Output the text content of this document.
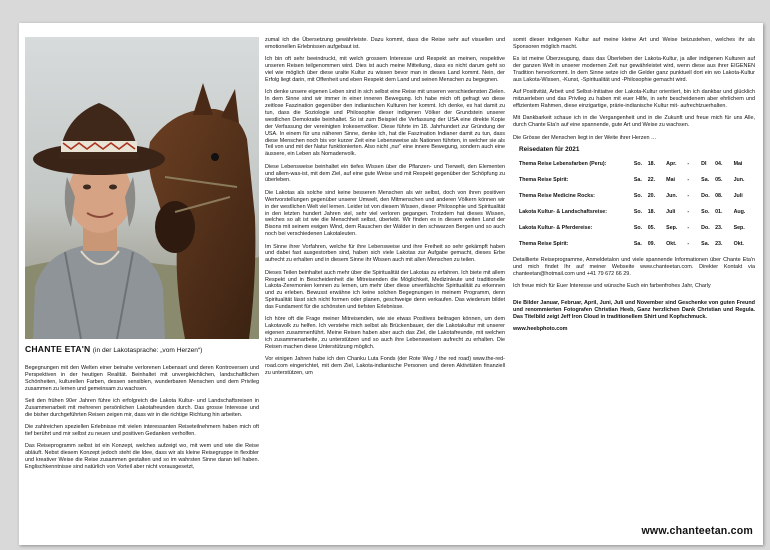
CHANTE ETA'N (in der Lakotasprache: „vom Herzen“)

Begegnungen mit den Welten einer beinahe verlorenen Lebensart und deren Kontroversen und Perspektiven in der heutigen Realität. Beinhaltet mit unvergleichlichen, landschaftlichen Schönheiten, kulturellen Farben, dessen sensiblen, wunderbaren Menschen und dem Privileg zusammen zu lernen und gemeinsam zu wachsen.

Seit den frühen 90er Jahren führe ich erfolgreich die Lakota Kultur- und Landschaftsreisen in Zusammenarbeit mit mehreren persönlichen Lakotafreunden durch. Das grosse Interesse und die bisher durchgeführten Reisen zeigen mir, dass wir in die richtige Richtung hin arbeiten.

Die zahlreichen speziellen Erlebnisse mit vielen interessanten Reiseteilnehmern haben mich oft tief berührt und mir selbst zu neuen und positiven Gedanken verholfen.

Das Reiseprogramm selbst ist ein Konzept, welches aufzeigt wo, mit wem und wie die Reise abläuft. Nebst diesem Konzept jedoch steht die Idee, dass wir als kleine Reisegruppe in flexibler und kreativer Weise die Reise zusammen gestalten und so im wahrsten Sinne daran teil haben. Englischkenntnisse sind natürlich von Vorteil aber nicht vorausgesetzt,

zumal ich die Übersetzung gewährleiste. Dazu kommt, dass die Reise sehr auf visuellen und emotionellen Erlebnissen aufgebaut ist.

Ich bin oft sehr beeindruckt, mit welch grossem Interesse und Respekt an meinen, respektive unseren Reisen teilgenommen wird. Dies ist auch meine Mitteilung, dass es nicht darum geht so viel wie möglich über diese uralte Kultur zu wissen bevor man in dieses Land kommt. Nein, der Erfolg liegt darin, mit Offenheit und eben Respekt dem Land und seinen Menschen zu begegnen.

Ich denke unsere eigenen Leben sind in sich selbst eine Reise mit unseren verschiedensten Zielen. In dem Sinne sind wir immer in einer inneren Bewegung. Ich habe mich oft gefragt wo diese zeitlose Faszination gegenüber den indianischen Kulturen her kommt. Ich denke, es hat damit zu tun, dass die Soziologie und Philosophie dieser indigenen Völker der Grundstein unserer westlichen Demokratie beinhaltet. So ist zum Beispiel die Verfassung der USA eine direkte Kopie der Verfassung der vereinigten Irokesenvölker. Diese führte im 18. Jahrhundert zur Gründung der USA. In einem für uns näheren Sinne, denke ich, hat die Faszination Indianer damit zu tun, dass diese Menschen noch bis vor kurzer Zeit eine Lebensweise als Nationen führten, in welcher sie als Teil von und mit der Natur funktionierten. Also nicht „nur“ eine innere Bewegung, sondern auch eine äussere, ein Leben als Nomadenvolk.

Diese Lebensweise beinhaltet ein tiefes Wissen über die Pflanzen- und Tierwelt, den Elementen und allem-was-ist, mit dem Ziel, auf eine gute Weise und mit Respekt gegenüber der Schöpfung zu überleben.

Die Lakotas als solche sind keine besseren Menschen als wir selbst, doch von ihren positiven Wertvorstellungen gegenüber unserer Umwelt, den Mitmenschen und anderen Völkern können wir in der westlichen Welt viel lernen. Leider ist von diesem Wissen, dieser Philosophie und Spiritualität in den letzten hundert Jahren viel, sehr viel verloren gegangen. Trotzdem hat dieses Wissen, welches so alt ist wie die Menschheit selbst, überlebt. Wir finden es in diesem weiten Land der Bisons mit seinem ewigen Wind, dem Rauschen der Wälder in den schwarzen Bergen und so auch noch bei verschiedenen Lakotaleuten.

Im Sinne ihrer Vorfahren, welche für ihre Lebensweise und ihre Freiheit so sehr gekämpft haben und dabei fast ausgestorben sind, haben sich viele Lakotas zur Aufgabe gemacht, dieses Erbe aufrecht zu erhalten und in diesem Sinne ihr Wissen auch mit allen Menschen zu teilen.

Dieses Teilen beinhaltet auch mehr über die Spiritualität der Lakotas zu erfahren. Ich biete mit allem Respekt und in Bescheidenheit die Mitreisenden die Möglichkeit, Medizinleute und traditionelle Lakota-Zeremonien kennen zu lernen, um mehr über diese unverfälschte Spiritualität zu erkennen und zu erleben. Bewusst erwähne ich keine solchen Begegnungen in meinem Programm, denn Spiritualität lässt sich nicht formen oder planen, geschweige denn verkaufen. Das wiederum bildet das Fundament für die schönsten und tiefsten Erlebnisse.

Ich höre oft die Frage meiner Mitreisenden, wie sie etwas Positives beitragen können, um dem Lakotavolk zu helfen. Ich verstehe mich selbst als Brückenbauer, der die Lakotakultur mit unserer eigenen zusammenführt. Meine Reisen haben aber auch das Ziel, die Lakotafreunde, mit welchen ich zusammenarbeite, zu unterstützen und so auch ihre Lebensweisen aufrecht zu erhalten. Die Reisen machen diese Unterstützung möglich.

Vor einigen Jahren habe ich den Chanku Luta Fonds (der Rote Weg / the red road) www.the-red-road.com eingerichtet, mit dem Ziel, Lakota-indianische Personen und deren Aktivitäten finanziell zu unterstützen, um

somit dieser indigenen Kultur auf meine kleine Art und Weise beizustehen, welches ihr als Sponsoren möglich macht.

Es ist meine Überzeugung, dass das Überleben der Lakota-Kultur, ja aller indigenen Kulturen auf der ganzen Welt in unserer modernen Zeit nur gewährleistet wird, wenn diese aus ihrer EIGENEN Tradition hervorkommt. In dem Sinne setze ich die Gelder ganz punktuell dort ein wo Lakota-Kultur aus Lakota-Wissen, -Kunst, -Spiritualität und -Philosophie gemacht wird.

Auf Positivität, Arbeit und Selbst-Initiative der Lakota-Kultur orientiert, bin ich dankbar und glücklich mitzuerleben und das Privileg zu haben mit euer Hilfe, in sehr bescheidenem aber ehrlichem und effizientem Rahmen, diese einzigartige, prärie-indianische Kultur mit- aufrechtzuerhalten.

Mit Dankbarkeit schaue ich in die Vergangenheit und in die Zukunft und freue mich für uns Alle, durch Chante Eta'n auf eine spannende, gute Art und Weise zu wachsen.

Die Grösse der Menschen liegt in der Weite ihrer Herzen …

Reisedaten für 2021
Thema Reise Lebensfarben (Peru):	So.	18.	Apr.	-	DI	04.	Mai
Thema Reise Spirit:	Sa.	22.	Mai	-	Sa.	05.	Jun.
Thema Reise Medicine Rocks:	So.	20.	Jun.	-	Do.	08.	Juli
Lakota Kultur- & Landschaftsreise:	So.	18.	Juli	-	So.	01.	Aug.
Lakota Kultur- & Pferdereise:	So.	05.	Sep.	-	Do.	23.	Sep.
Thema Reise Spirit:	Sa.	09.	Okt.	-	Sa.	23.	Okt.

Detaillierte Reiseprogramme, Anmeldetalon und viele spannende Informationen über Chante Eta'n und mich findet Ihr auf meiner Webseite www.chanteetan.com. Direkter Kontakt via chanteetan@hotmail.com und +41 79 672 66 29.

Ich freue mich für Euer Interesse und wünsche Euch ein farbenfrohes Jahr, Charly

Die Bilder Januar, Februar, April, Juni, Juli und November sind Geschenke von guten Freund und renommierten Fotografen Christian Heeb, Ganz herzlichen Dank Christian und Regula. Das Titelbild zeigt Jeff Iron Cloud in traditionellem Shirt und Kopfschmuck.

www.heebphoto.com

www.chanteetan.com
